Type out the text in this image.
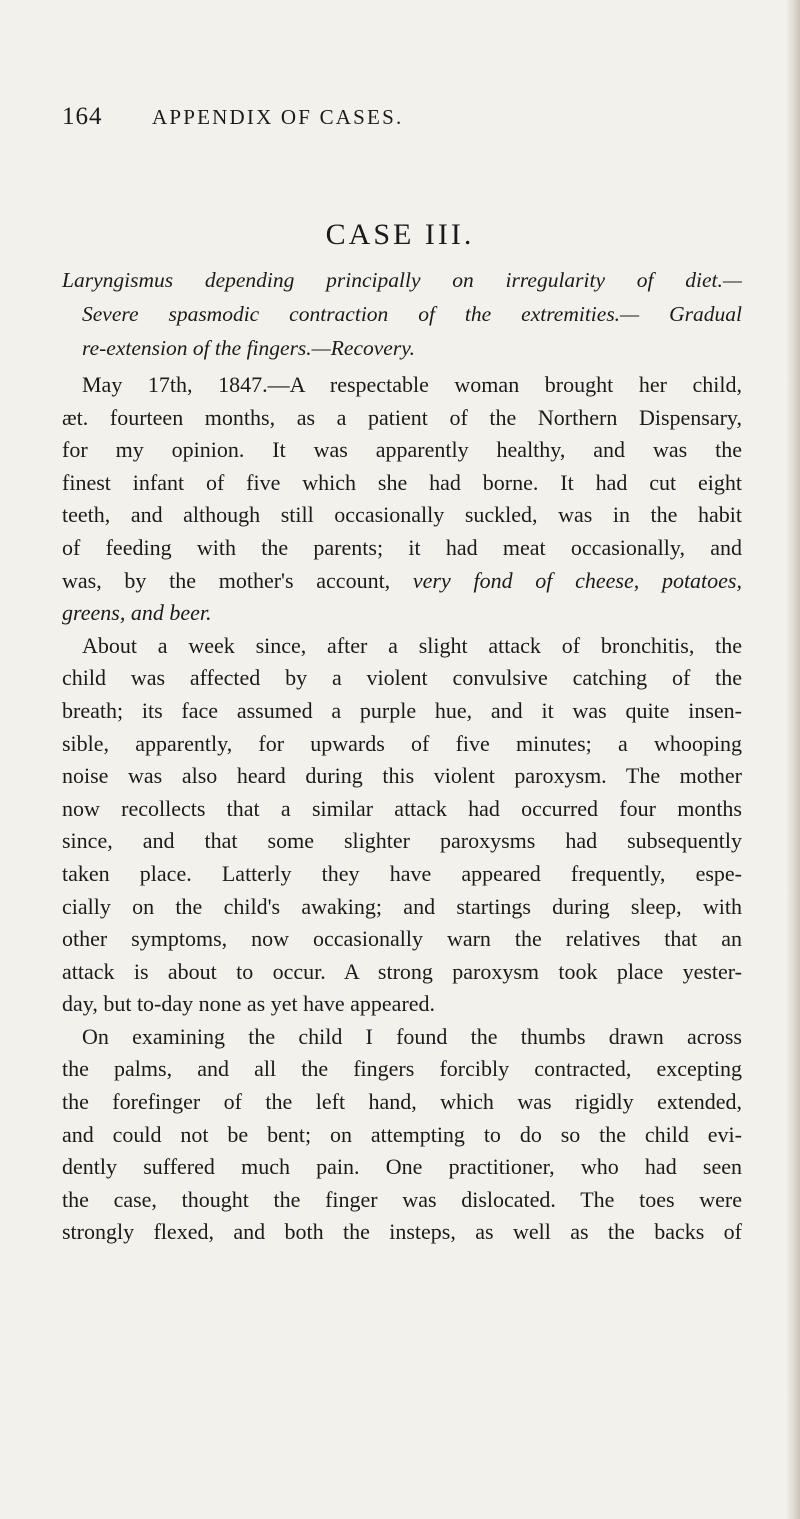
164 APPENDIX OF CASES.
CASE III.
Laryngismus depending principally on irregularity of diet.—
Severe spasmodic contraction of the extremities.— Gradual
re-extension of the fingers.—Recovery.
May 17th, 1847.—A respectable woman brought her child,
æt. fourteen months, as a patient of the Northern Dispensary,
for my opinion. It was apparently healthy, and was the
finest infant of five which she had borne. It had cut eight
teeth, and although still occasionally suckled, was in the habit
of feeding with the parents; it had meat occasionally, and
was, by the mother's account, very fond of cheese, potatoes,
greens, and beer.
About a week since, after a slight attack of bronchitis, the
child was affected by a violent convulsive catching of the
breath; its face assumed a purple hue, and it was quite insen-
sible, apparently, for upwards of five minutes; a whooping
noise was also heard during this violent paroxysm. The mother
now recollects that a similar attack had occurred four months
since, and that some slighter paroxysms had subsequently
taken place. Latterly they have appeared frequently, espe-
cially on the child's awaking; and startings during sleep, with
other symptoms, now occasionally warn the relatives that an
attack is about to occur. A strong paroxysm took place yester-
day, but to-day none as yet have appeared.
On examining the child I found the thumbs drawn across
the palms, and all the fingers forcibly contracted, excepting
the forefinger of the left hand, which was rigidly extended,
and could not be bent; on attempting to do so the child evi-
dently suffered much pain. One practitioner, who had seen
the case, thought the finger was dislocated. The toes were
strongly flexed, and both the insteps, as well as the backs of
